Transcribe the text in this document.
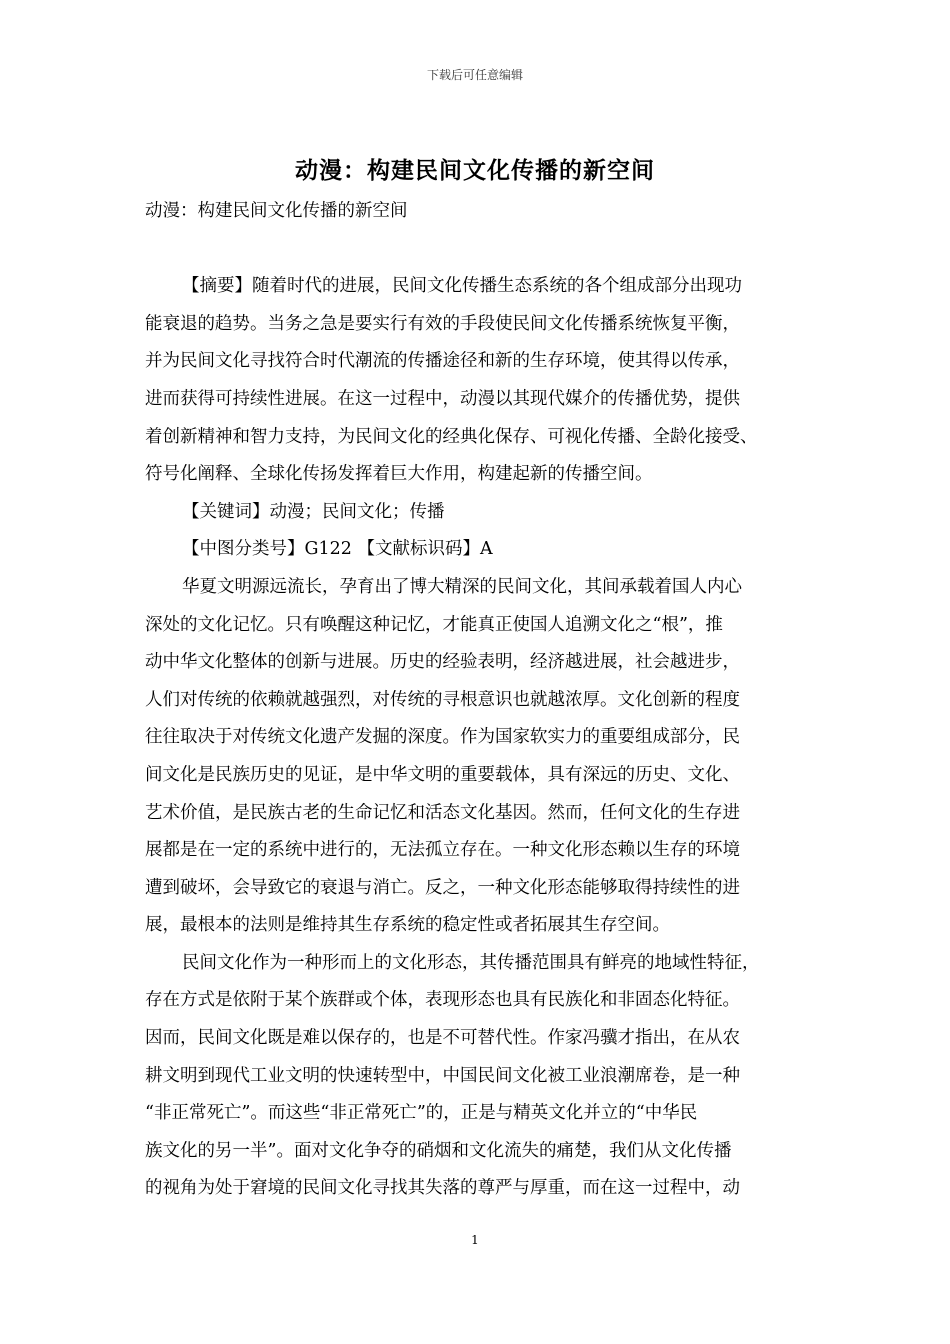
下载后可任意编辑
动漫：构建民间文化传播的新空间
动漫：构建民间文化传播的新空间
【摘要】随着时代的进展，民间文化传播生态系统的各个组成部分出现功
能衰退的趋势。当务之急是要实行有效的手段使民间文化传播系统恢复平衡，
并为民间文化寻找符合时代潮流的传播途径和新的生存环境，使其得以传承，
进而获得可持续性进展。在这一过程中，动漫以其现代媒介的传播优势，提供
着创新精神和智力支持，为民间文化的经典化保存、可视化传播、全龄化接受、
符号化阐释、全球化传扬发挥着巨大作用，构建起新的传播空间。
【关键词】动漫；民间文化；传播
【中图分类号】G122 【文献标识码】A
华夏文明源远流长，孕育出了博大精深的民间文化，其间承载着国人内心
深处的文化记忆。只有唤醒这种记忆，才能真正使国人追溯文化之“根”，推
动中华文化整体的创新与进展。历史的经验表明，经济越进展，社会越进步，
人们对传统的依赖就越强烈，对传统的寻根意识也就越浓厚。文化创新的程度
往往取决于对传统文化遗产发掘的深度。作为国家软实力的重要组成部分，民
间文化是民族历史的见证，是中华文明的重要载体，具有深远的历史、文化、
艺术价值，是民族古老的生命记忆和活态文化基因。然而，任何文化的生存进
展都是在一定的系统中进行的，无法孤立存在。一种文化形态赖以生存的环境
遭到破坏，会导致它的衰退与消亡。反之，一种文化形态能够取得持续性的进
展，最根本的法则是维持其生存系统的稳定性或者拓展其生存空间。
民间文化作为一种形而上的文化形态，其传播范围具有鲜亮的地域性特征，
存在方式是依附于某个族群或个体，表现形态也具有民族化和非固态化特征。
因而，民间文化既是难以保存的，也是不可替代性。作家冯骥才指出，在从农
耕文明到现代工业文明的快速转型中，中国民间文化被工业浪潮席卷，是一种
“非正常死亡”。而这些“非正常死亡”的，正是与精英文化并立的“中华民
族文化的另一半”。面对文化争夺的硝烟和文化流失的痛楚，我们从文化传播
的视角为处于窘境的民间文化寻找其失落的尊严与厚重，而在这一过程中，动
1
